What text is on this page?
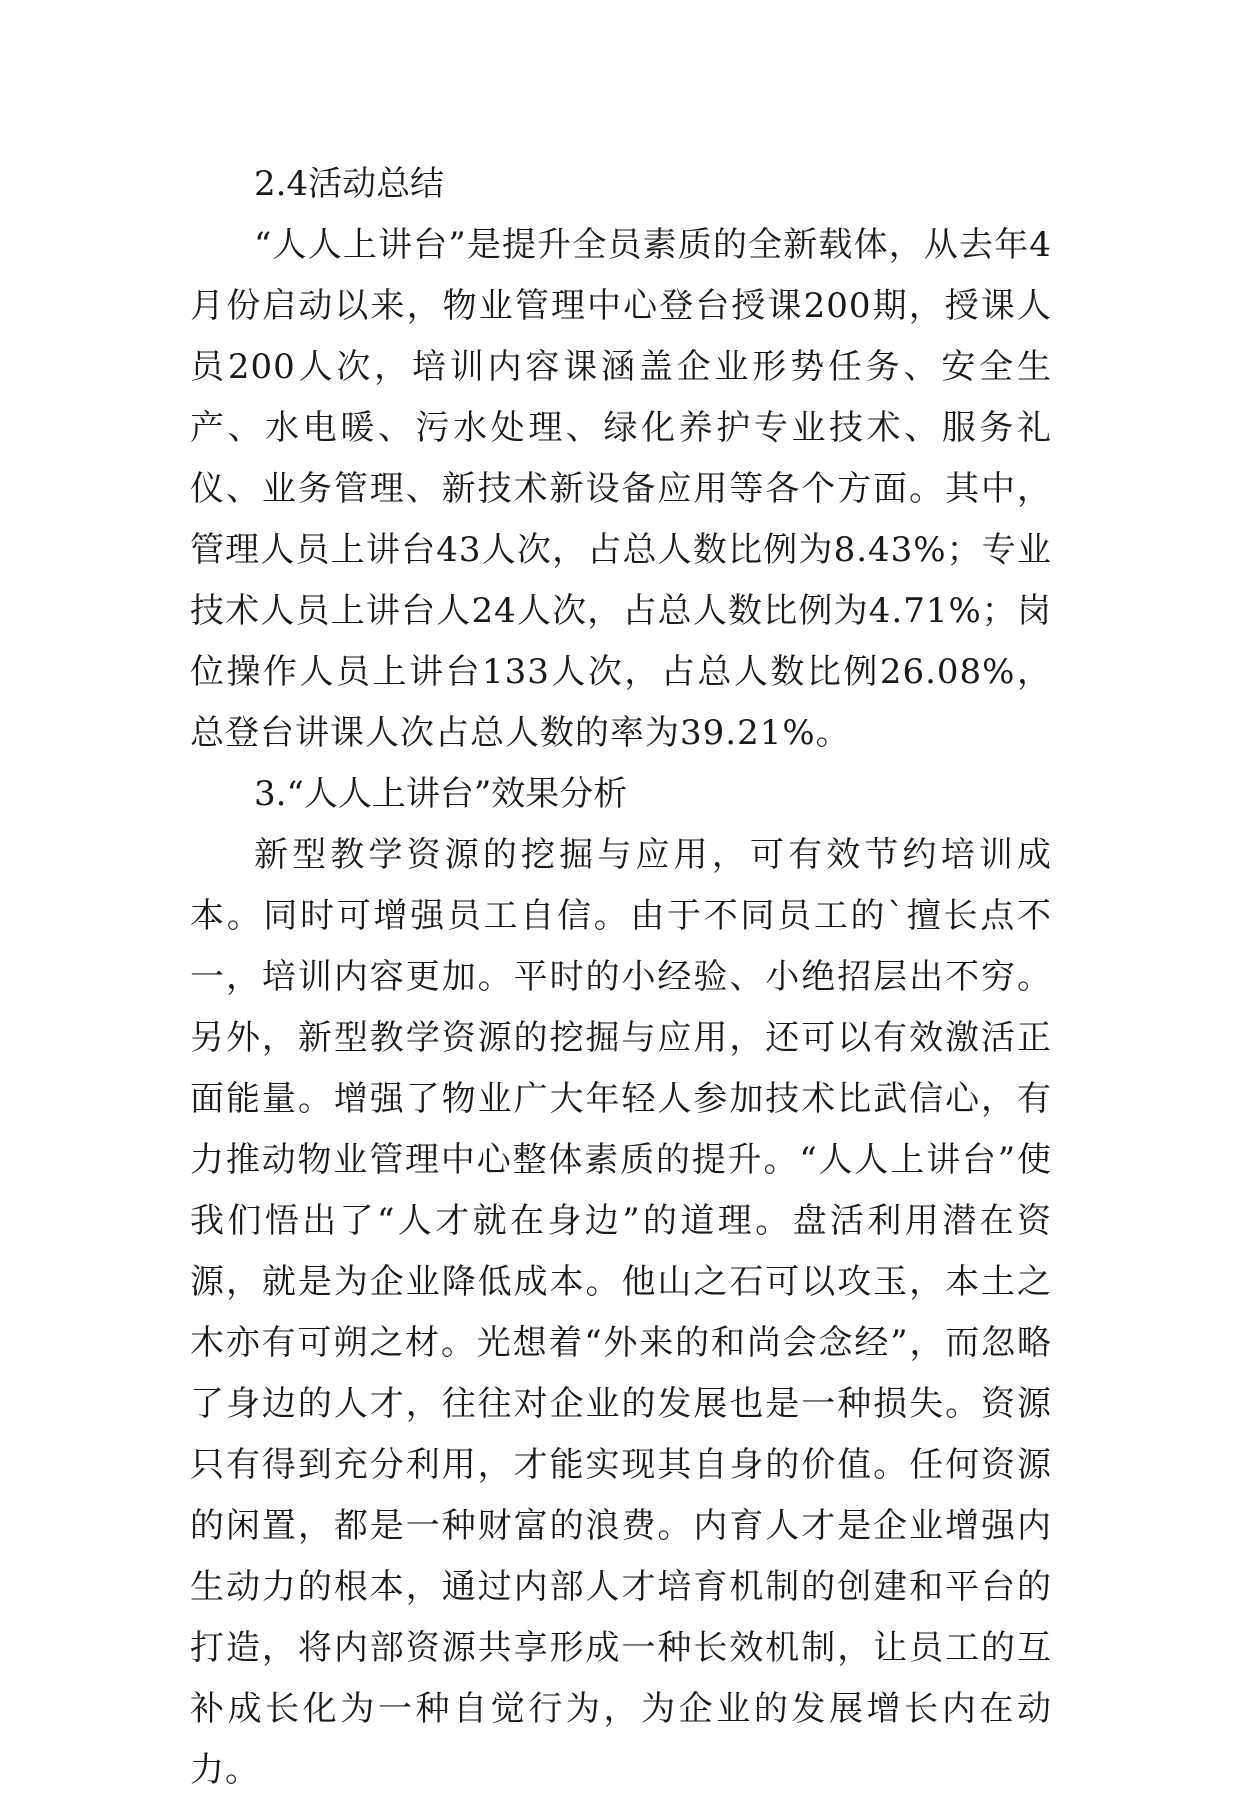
2.4活动总结

“人人上讲台”是提升全员素质的全新载体，从去年4月份启动以来，物业管理中心登台授课200期，授课人员200人次，培训内容课涵盖企业形势任务、安全生产、水电暖、污水处理、绿化养护专业技术、服务礼仪、业务管理、新技术新设备应用等各个方面。其中，管理人员上讲台43人次，占总人数比例为8.43%；专业技术人员上讲台人24人次，占总人数比例为4.71%；岗位操作人员上讲台133人次，占总人数比例26.08%，总登台讲课人次占总人数的率为39.21%。

3.“人人上讲台”效果分析

新型教学资源的挖掘与应用，可有效节约培训成本。同时可增强员工自信。由于不同员工的`擅长点不一，培训内容更加。平时的小经验、小绝招层出不穷。另外，新型教学资源的挖掘与应用，还可以有效激活正面能量。增强了物业广大年轻人参加技术比武信心，有力推动物业管理中心整体素质的提升。“人人上讲台”使我们悟出了“人才就在身边”的道理。盘活利用潜在资源，就是为企业降低成本。他山之石可以攻玉，本土之木亦有可朔之材。光想着“外来的和尚会念经”，而忽略了身边的人才，往往对企业的发展也是一种损失。资源只有得到充分利用，才能实现其自身的价值。任何资源的闲置，都是一种财富的浪费。内育人才是企业增强内生动力的根本，通过内部人才培育机制的创建和平台的打造，将内部资源共享形成一种长效机制，让员工的互补成长化为一种自觉行为，为企业的发展增长内在动力。
